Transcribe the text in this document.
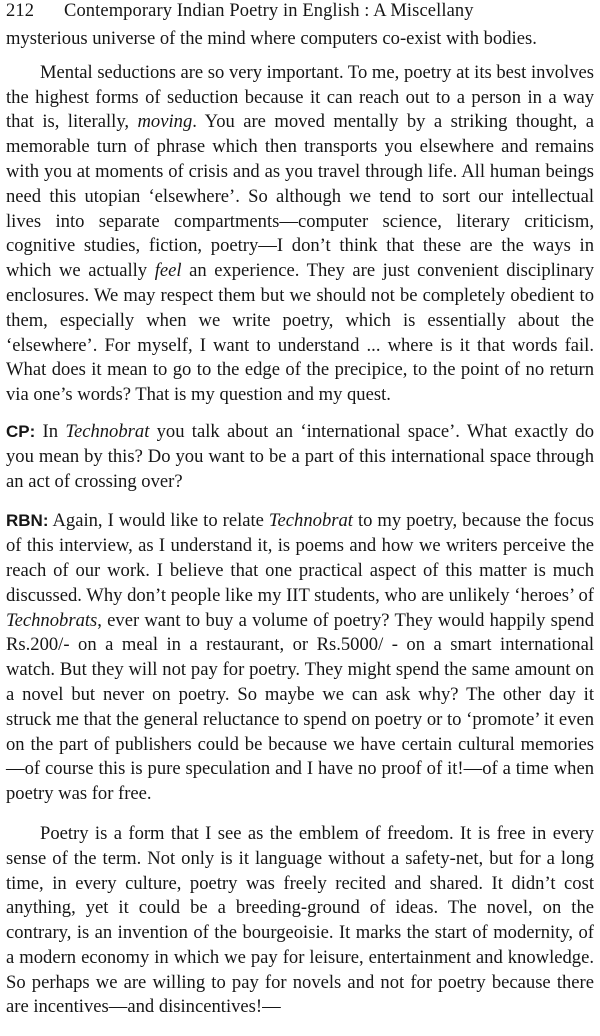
212	Contemporary Indian Poetry in English : A Miscellany

mysterious universe of the mind where computers co-exist with bodies.

Mental seductions are so very important. To me, poetry at its best involves the highest forms of seduction because it can reach out to a person in a way that is, literally, moving. You are moved mentally by a striking thought, a memorable turn of phrase which then transports you elsewhere and remains with you at moments of crisis and as you travel through life. All human beings need this utopian ‘elsewhere’. So although we tend to sort our intellectual lives into separate compartments—computer science, literary criticism, cognitive studies, fiction, poetry—I don’t think that these are the ways in which we actually feel an experience. They are just convenient disciplinary enclosures. We may respect them but we should not be completely obedient to them, especially when we write poetry, which is essentially about the ‘elsewhere’. For myself, I want to understand ... where is it that words fail. What does it mean to go to the edge of the precipice, to the point of no return via one’s words? That is my question and my quest.

CP: In Technobrat you talk about an ‘international space’. What exactly do you mean by this? Do you want to be a part of this international space through an act of crossing over?

RBN: Again, I would like to relate Technobrat to my poetry, because the focus of this interview, as I understand it, is poems and how we writers perceive the reach of our work. I believe that one practical aspect of this matter is much discussed. Why don’t people like my IIT students, who are unlikely ‘heroes’ of Technobrats, ever want to buy a volume of poetry? They would happily spend Rs.200/- on a meal in a restaurant, or Rs.5000/ - on a smart international watch. But they will not pay for poetry. They might spend the same amount on a novel but never on poetry. So maybe we can ask why? The other day it struck me that the general reluctance to spend on poetry or to ‘promote’ it even on the part of publishers could be because we have certain cultural memories—of course this is pure speculation and I have no proof of it!—of a time when poetry was for free.

Poetry is a form that I see as the emblem of freedom. It is free in every sense of the term. Not only is it language without a safety-net, but for a long time, in every culture, poetry was freely recited and shared. It didn’t cost anything, yet it could be a breeding-ground of ideas. The novel, on the contrary, is an invention of the bourgeoisie. It marks the start of modernity, of a modern economy in which we pay for leisure, entertainment and knowledge. So perhaps we are willing to pay for novels and not for poetry because there are incentives—and disincentives!—
